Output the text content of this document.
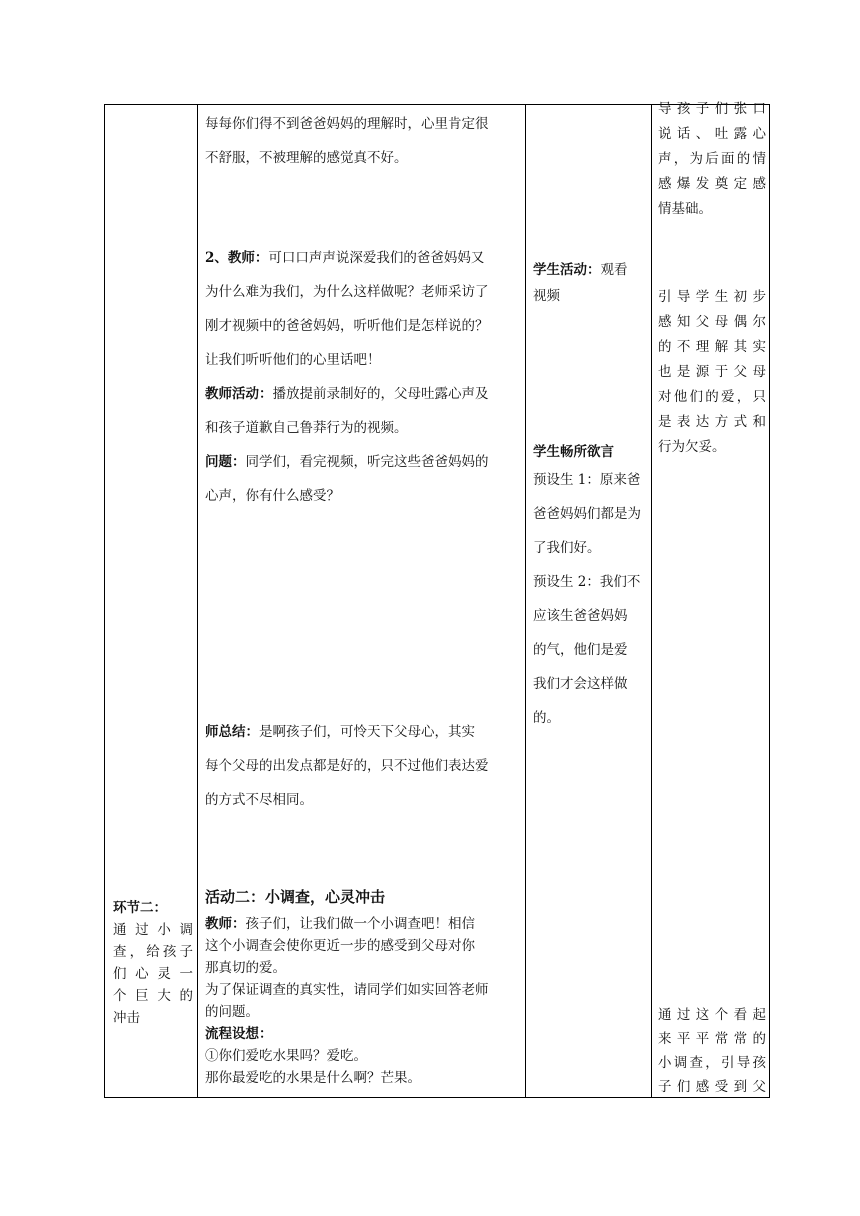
环节二：

通 过 小 调

查，给孩子

们 心 灵 一

个 巨 大 的

冲击

每每你们得不到爸爸妈妈的理解时，心里肯定很

不舒服，不被理解的感觉真不好。

2、教师：可口口声声说深爱我们的爸爸妈妈又

为什么难为我们，为什么这样做呢？老师采访了

刚才视频中的爸爸妈妈，听听他们是怎样说的？

让我们听听他们的心里话吧！

教师活动：播放提前录制好的，父母吐露心声及

和孩子道歉自己鲁莽行为的视频。

问题：同学们，看完视频，听完这些爸爸妈妈的

心声，你有什么感受？

师总结：是啊孩子们，可怜天下父母心，其实

每个父母的出发点都是好的，只不过他们表达爱

的方式不尽相同。

活动二：小调查，心灵冲击

教师：孩子们，让我们做一个小调查吧！相信

这个小调查会使你更近一步的感受到父母对你

那真切的爱。

为了保证调查的真实性，请同学们如实回答老师

的问题。

流程设想：

①你们爱吃水果吗？爱吃。

那你最爱吃的水果是什么啊？芒果。

学生活动：观看

视频

学生畅所欲言

预设生 1：原来爸

爸爸妈妈们都是为

了我们好。

预设生 2：我们不

应该生爸爸妈妈

的气，他们是爱

我们才会这样做

的。

导孩子们张口

说话、吐露心

声，为后面的情

感爆发奠定感

情基础。

引导学生初步

感知父母偶尔

的不理解其实

也是源于父母

对他们的爱，只

是表达方式和

行为欠妥。

通过这个看起

来平平常常的

小调查，引导孩

子们感受到父
